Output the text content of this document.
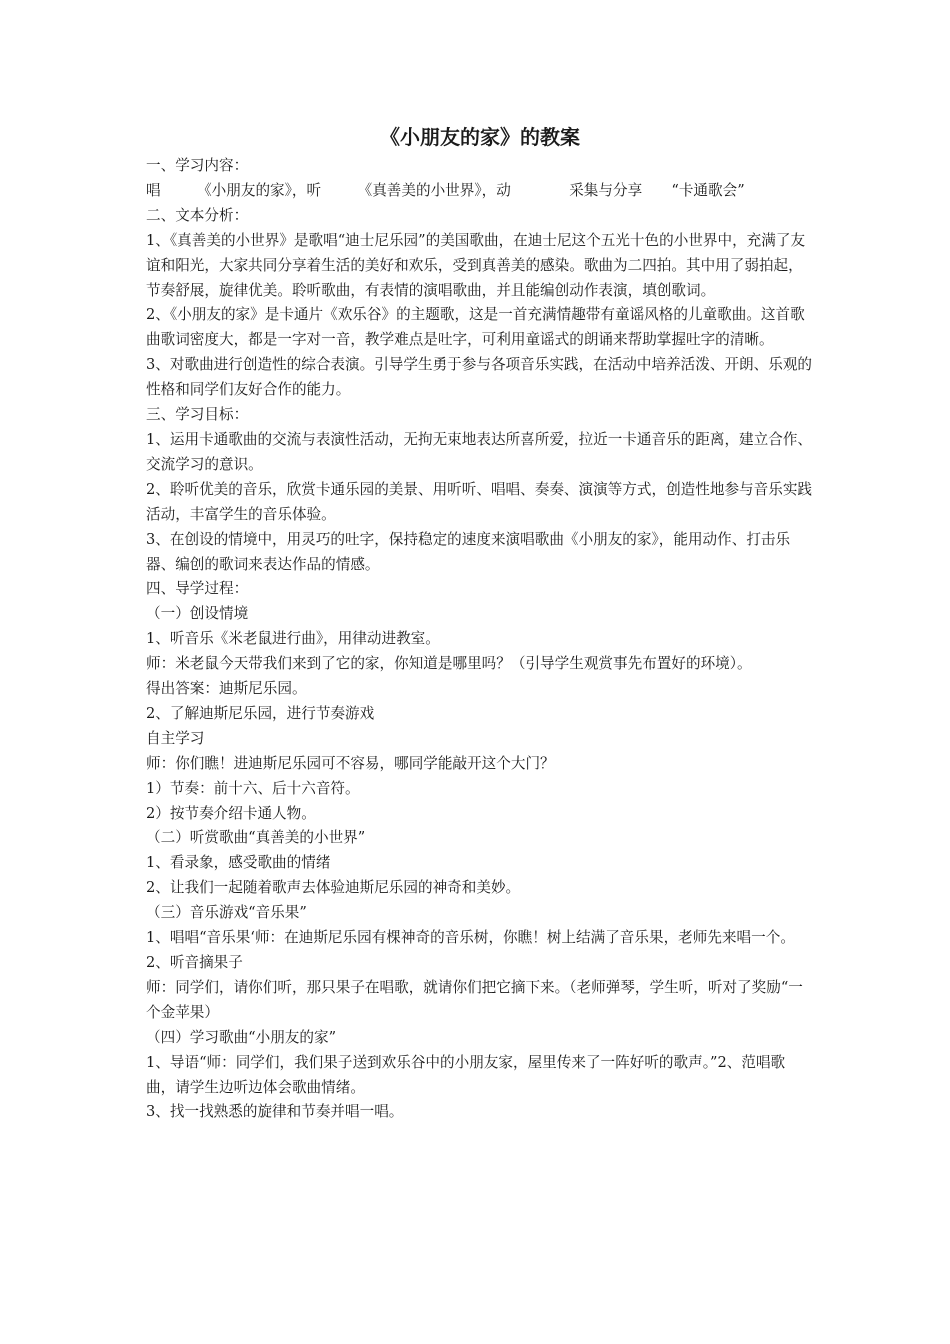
《小朋友的家》的教案
一、学习内容：
唱　　　《小朋友的家》，听　　　《真善美的小世界》，动　　　　采集与分享　　“卡通歌会”
二、文本分析：
1、《真善美的小世界》是歌唱“迪士尼乐园”的美国歌曲，在迪士尼这个五光十色的小世界中，充满了友谊和阳光，大家共同分享着生活的美好和欢乐，受到真善美的感染。歌曲为二四拍。其中用了弱拍起，节奏舒展，旋律优美。聆听歌曲，有表情的演唱歌曲，并且能编创动作表演，填创歌词。
2、《小朋友的家》是卡通片《欢乐谷》的主题歌，这是一首充满情趣带有童谣风格的儿童歌曲。这首歌曲歌词密度大，都是一字对一音，教学难点是吐字，可利用童谣式的朗诵来帮助掌握吐字的清晰。
3、对歌曲进行创造性的综合表演。引导学生勇于参与各项音乐实践，在活动中培养活泼、开朗、乐观的性格和同学们友好合作的能力。
三、学习目标：
1、运用卡通歌曲的交流与表演性活动，无拘无束地表达所喜所爱，拉近一卡通音乐的距离，建立合作、交流学习的意识。
2、聆听优美的音乐，欣赏卡通乐园的美景、用听听、唱唱、奏奏、演演等方式，创造性地参与音乐实践活动，丰富学生的音乐体验。
3、在创设的情境中，用灵巧的吐字，保持稳定的速度来演唱歌曲《小朋友的家》，能用动作、打击乐器、编创的歌词来表达作品的情感。
四、导学过程：
（一）创设情境
1、听音乐《米老鼠进行曲》，用律动进教室。
师：米老鼠今天带我们来到了它的家，你知道是哪里吗？（引导学生观赏事先布置好的环境）。
得出答案：迪斯尼乐园。
2、了解迪斯尼乐园，进行节奏游戏
自主学习
师：你们瞧！进迪斯尼乐园可不容易，哪同学能敲开这个大门？
1）节奏：前十六、后十六音符。
2）按节奏介绍卡通人物。
（二）听赏歌曲“真善美的小世界”
1、看录象，感受歌曲的情绪
2、让我们一起随着歌声去体验迪斯尼乐园的神奇和美妙。
（三）音乐游戏“音乐果”
1、唱唱“音乐果‘师：在迪斯尼乐园有棵神奇的音乐树，你瞧！树上结满了音乐果，老师先来唱一个。
2、听音摘果子
师：同学们，请你们听，那只果子在唱歌，就请你们把它摘下来。（老师弹琴，学生听，听对了奖励“一个金苹果）
（四）学习歌曲“小朋友的家”
1、导语“师：同学们，我们果子送到欢乐谷中的小朋友家，屋里传来了一阵好听的歌声。”2、范唱歌曲，请学生边听边体会歌曲情绪。
3、找一找熟悉的旋律和节奏并唱一唱。
